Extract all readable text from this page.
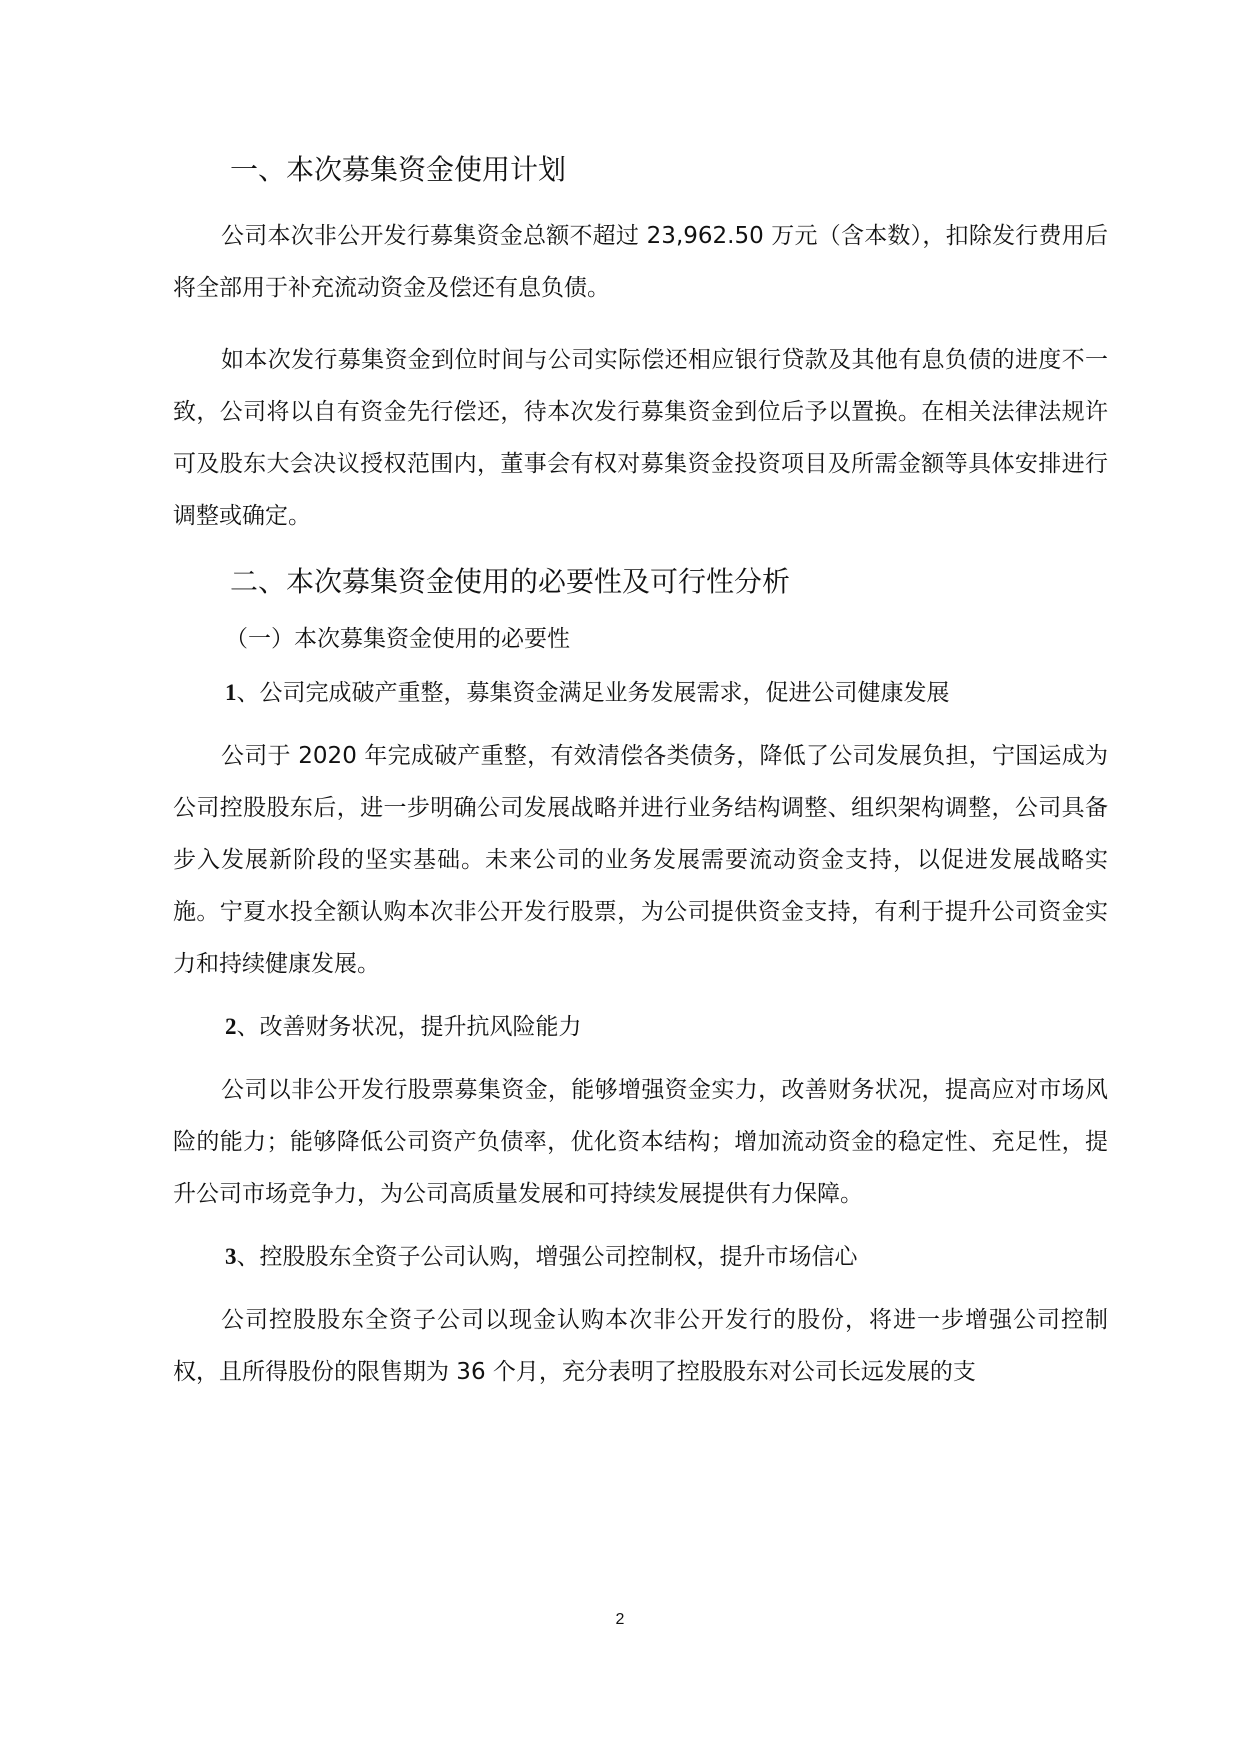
一、本次募集资金使用计划
公司本次非公开发行募集资金总额不超过 23,962.50 万元（含本数），扣除发行费用后将全部用于补充流动资金及偿还有息负债。
如本次发行募集资金到位时间与公司实际偿还相应银行贷款及其他有息负债的进度不一致，公司将以自有资金先行偿还，待本次发行募集资金到位后予以置换。在相关法律法规许可及股东大会决议授权范围内，董事会有权对募集资金投资项目及所需金额等具体安排进行调整或确定。
二、本次募集资金使用的必要性及可行性分析
（一）本次募集资金使用的必要性
1、公司完成破产重整，募集资金满足业务发展需求，促进公司健康发展
公司于 2020 年完成破产重整，有效清偿各类债务，降低了公司发展负担，宁国运成为公司控股股东后，进一步明确公司发展战略并进行业务结构调整、组织架构调整，公司具备步入发展新阶段的坚实基础。未来公司的业务发展需要流动资金支持，以促进发展战略实施。宁夏水投全额认购本次非公开发行股票，为公司提供资金支持，有利于提升公司资金实力和持续健康发展。
2、改善财务状况，提升抗风险能力
公司以非公开发行股票募集资金，能够增强资金实力，改善财务状况，提高应对市场风险的能力；能够降低公司资产负债率，优化资本结构；增加流动资金的稳定性、充足性，提升公司市场竞争力，为公司高质量发展和可持续发展提供有力保障。
3、控股股东全资子公司认购，增强公司控制权，提升市场信心
公司控股股东全资子公司以现金认购本次非公开发行的股份，将进一步增强公司控制权，且所得股份的限售期为 36 个月，充分表明了控股股东对公司长远发展的支
2
